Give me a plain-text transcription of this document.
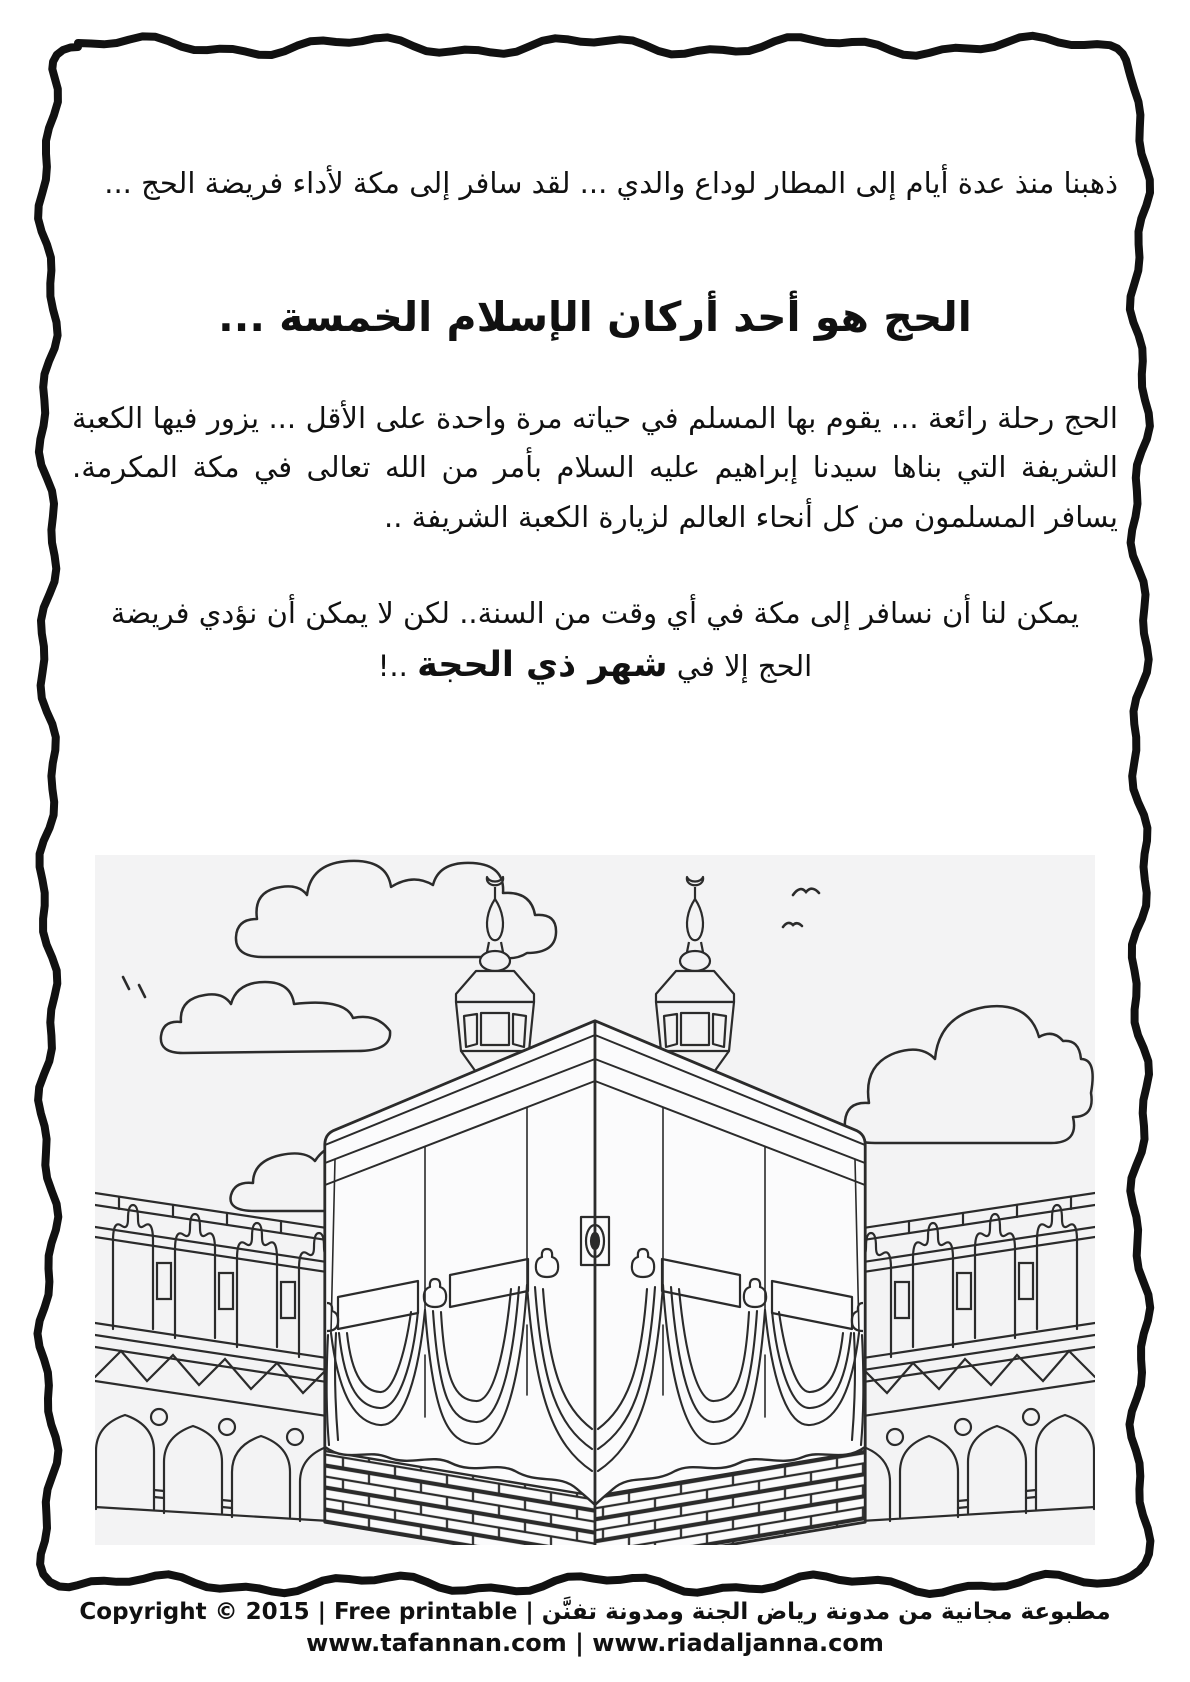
ذهبنا منذ عدة أيام إلى المطار لوداع والدي ... لقد سافر إلى مكة لأداء فريضة الحج ...
الحج هو أحد أركان الإسلام الخمسة ...
الحج رحلة رائعة ... يقوم بها المسلم في حياته مرة واحدة على الأقل ... يزور فيها الكعبة الشريفة التي بناها سيدنا إبراهيم عليه السلام بأمر من الله تعالى في مكة المكرمة. يسافر المسلمون من كل أنحاء العالم لزيارة الكعبة الشريفة ..
يمكن لنا أن نسافر إلى مكة في أي وقت من السنة.. لكن لا يمكن أن نؤدي فريضة
الحج إلا في شهر ذي الحجة ..!
Copyright © 2015 | Free printable | مطبوعة مجانية من مدونة رياض الجنة ومدونة تفنَّن
www.tafannan.com | www.riadaljanna.com
